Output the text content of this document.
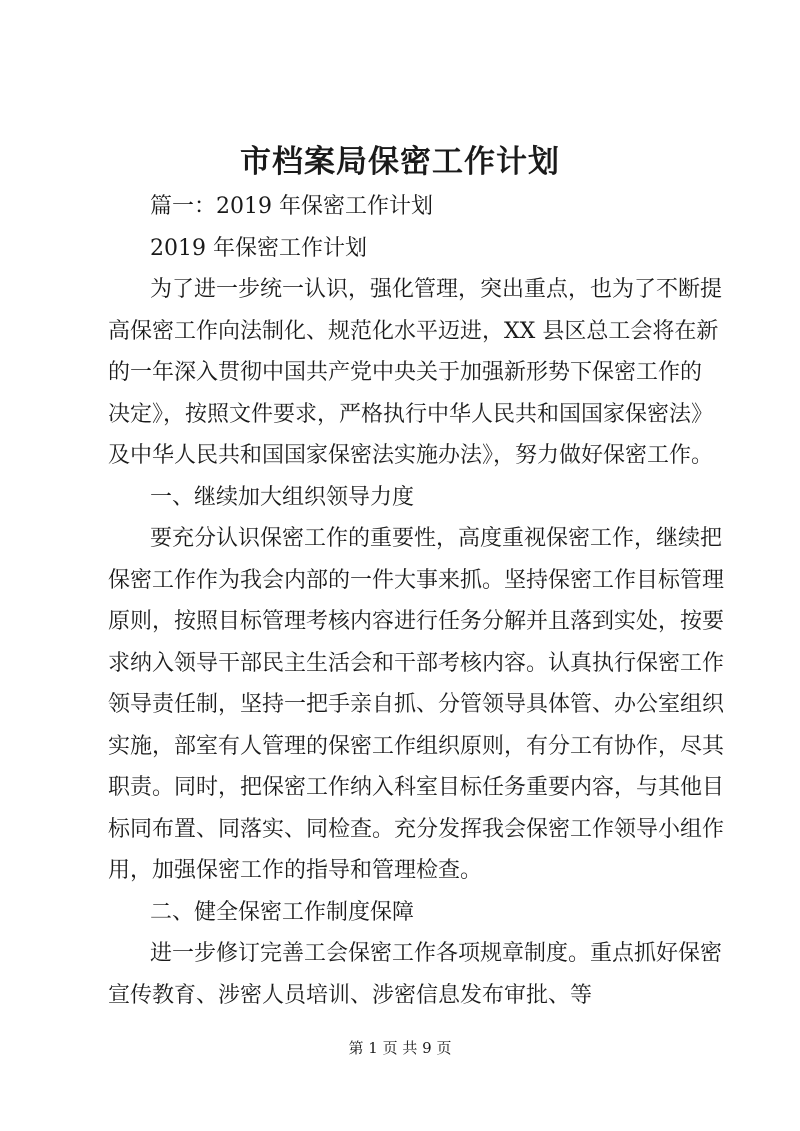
市档案局保密工作计划

篇一：2019 年保密工作计划

2019 年保密工作计划

为了进一步统一认识，强化管理，突出重点，也为了不断提

高保密工作向法制化、规范化水平迈进，XX 县区总工会将在新

的一年深入贯彻中国共产党中央关于加强新形势下保密工作的

决定》，按照文件要求，严格执行中华人民共和国国家保密法》

及中华人民共和国国家保密法实施办法》，努力做好保密工作。

一、继续加大组织领导力度

要充分认识保密工作的重要性，高度重视保密工作，继续把

保密工作作为我会内部的一件大事来抓。坚持保密工作目标管理

原则，按照目标管理考核内容进行任务分解并且落到实处，按要

求纳入领导干部民主生活会和干部考核内容。认真执行保密工作

领导责任制，坚持一把手亲自抓、分管领导具体管、办公室组织

实施，部室有人管理的保密工作组织原则，有分工有协作，尽其

职责。同时，把保密工作纳入科室目标任务重要内容，与其他目

标同布置、同落实、同检查。充分发挥我会保密工作领导小组作

用，加强保密工作的指导和管理检查。

二、健全保密工作制度保障

进一步修订完善工会保密工作各项规章制度。重点抓好保密

宣传教育、涉密人员培训、涉密信息发布审批、等

第 1 页 共 9 页
